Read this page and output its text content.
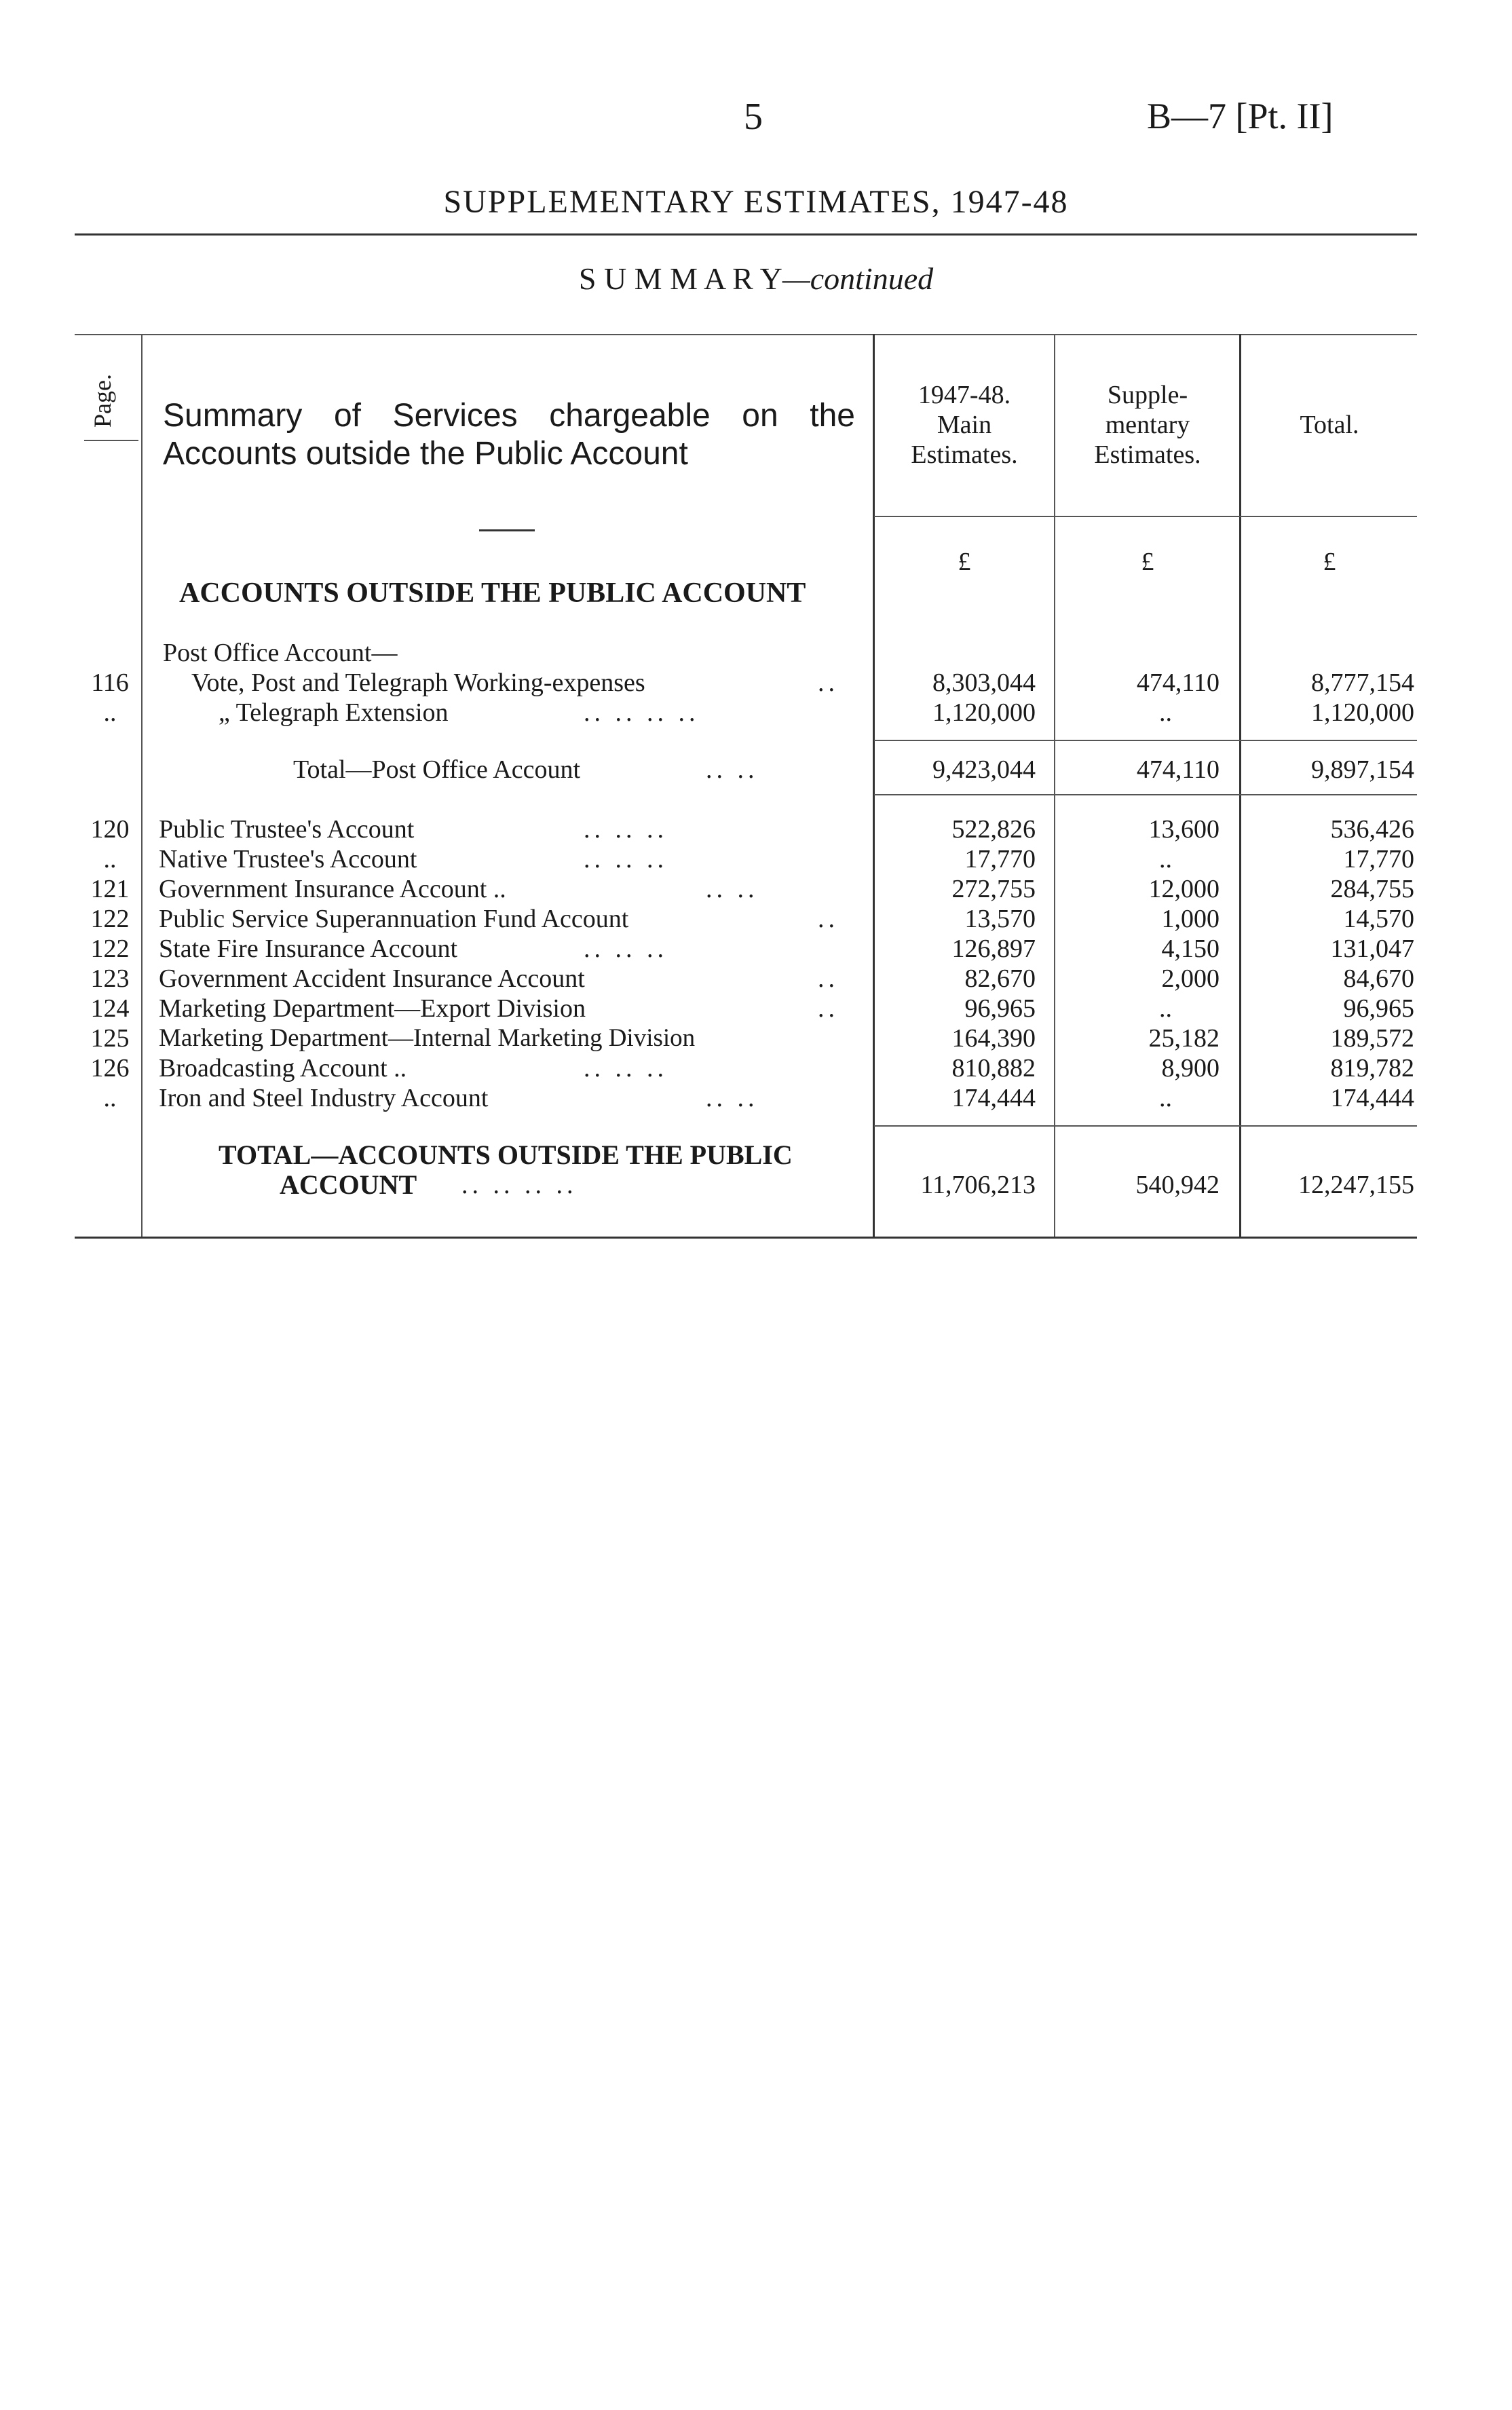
5	B—7 [Pt. II]
SUPPLEMENTARY ESTIMATES, 1947-48
S U M M A R Y—continued
Page. Summary of Services chargeable on the Accounts outside the Public Account
1947-48.
Main
Estimates.
Supple-
mentary
Estimates.
Total.
£	£	£
ACCOUNTS OUTSIDE THE PUBLIC ACCOUNT
Post Office Account—
116	Vote, Post and Telegraph Working-expenses	..	8,303,044	474,110	8,777,154
..	„ Telegraph Extension	.. .. .. ..	1,120,000	..	1,120,000
Total—Post Office Account	.. ..	9,423,044	474,110	9,897,154
120	Public Trustee's Account	.. .. ..	522,826	13,600	536,426
..	Native Trustee's Account	.. .. ..	17,770	..	17,770
121	Government Insurance Account ..	.. ..	272,755	12,000	284,755
122	Public Service Superannuation Fund Account	..	13,570	1,000	14,570
122	State Fire Insurance Account	.. .. ..	126,897	4,150	131,047
123	Government Accident Insurance Account	..	82,670	2,000	84,670
124	Marketing Department—Export Division	..	96,965	..	96,965
125	Marketing Department—Internal Marketing Division	164,390	25,182	189,572
126	Broadcasting Account ..	.. .. ..	810,882	8,900	819,782
..	Iron and Steel Industry Account	.. ..	174,444	..	174,444
TOTAL—ACCOUNTS OUTSIDE THE PUBLIC
ACCOUNT .. .. .. ..	11,706,213	540,942	12,247,155
